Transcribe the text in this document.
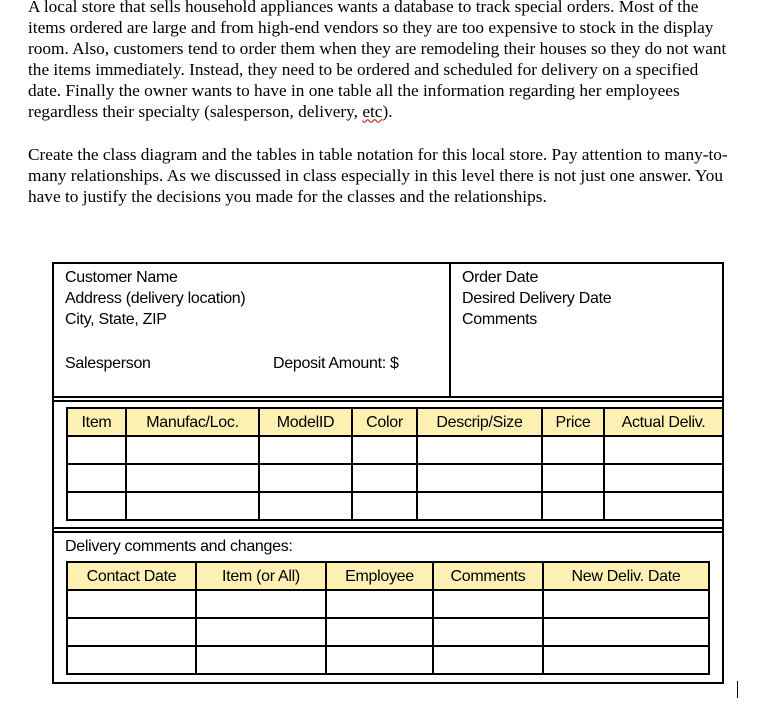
A local store that sells household appliances wants a database to track special orders. Most of the items ordered are large and from high-end vendors so they are too expensive to stock in the display room. Also, customers tend to order them when they are remodeling their houses so they do not want the items immediately. Instead, they need to be ordered and scheduled for delivery on a specified date. Finally the owner wants to have in one table all the information regarding her employees regardless their specialty (salesperson, delivery, etc).

Create the class diagram and the tables in table notation for this local store. Pay attention to many-to-many relationships. As we discussed in class especially in this level there is not just one answer. You have to justify the decisions you made for the classes and the relationships.

Customer Name
Address (delivery location)
City, State, ZIP
Salesperson	Deposit Amount: $
Order Date
Desired Delivery Date
Comments
Item	Manufac/Loc.	ModelID	Color	Descrip/Size	Price	Actual Deliv.

Delivery comments and changes:
Contact Date	Item (or All)	Employee	Comments	New Deliv. Date
